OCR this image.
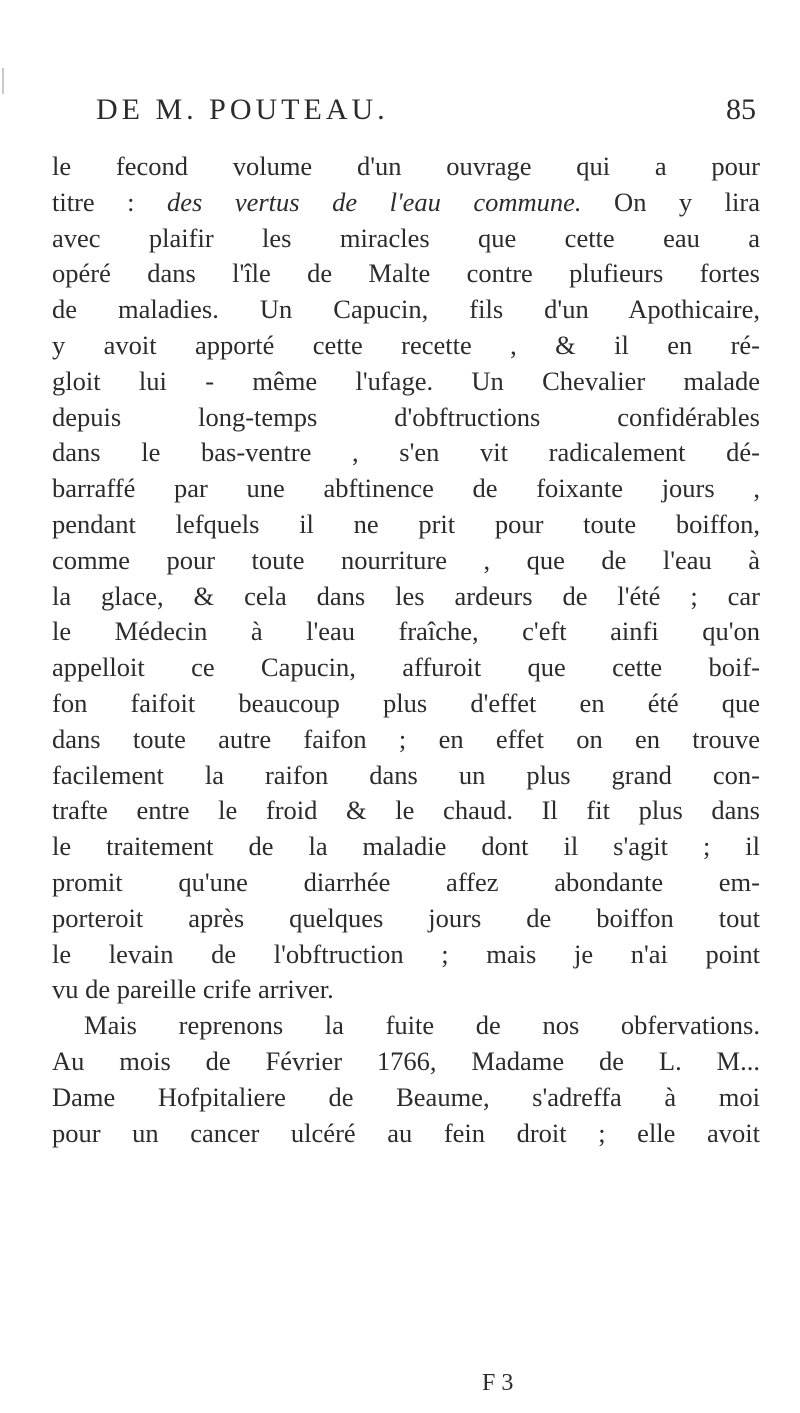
DE M. POUTEAU.	85
le fecond volume d'un ouvrage qui a pour
titre : des vertus de l'eau commune. On y lira
avec plaifir les miracles que cette eau a
opéré dans l'île de Malte contre plufieurs fortes
de maladies. Un Capucin, fils d'un Apothicaire,
y avoit apporté cette recette , & il en ré-
gloit lui - même l'ufage. Un Chevalier malade
depuis long-temps d'obftructions confidérables
dans le bas-ventre , s'en vit radicalement dé-
barraffé par une abftinence de foixante jours ,
pendant lefquels il ne prit pour toute boiffon,
comme pour toute nourriture , que de l'eau à
la glace, & cela dans les ardeurs de l'été ; car
le Médecin à l'eau fraîche, c'eft ainfi qu'on
appelloit ce Capucin, affuroit que cette boif-
fon faifoit beaucoup plus d'effet en été que
dans toute autre faifon ; en effet on en trouve
facilement la raifon dans un plus grand con-
trafte entre le froid & le chaud. Il fit plus dans
le traitement de la maladie dont il s'agit ; il
promit qu'une diarrhée affez abondante em-
porteroit après quelques jours de boiffon tout
le levain de l'obftruction ; mais je n'ai point
vu de pareille crife arriver.
Mais reprenons la fuite de nos obfervations.
Au mois de Février 1766, Madame de L. M...
Dame Hofpitaliere de Beaume, s'adreffa à moi
pour un cancer ulcéré au fein droit ; elle avoit
F 3
